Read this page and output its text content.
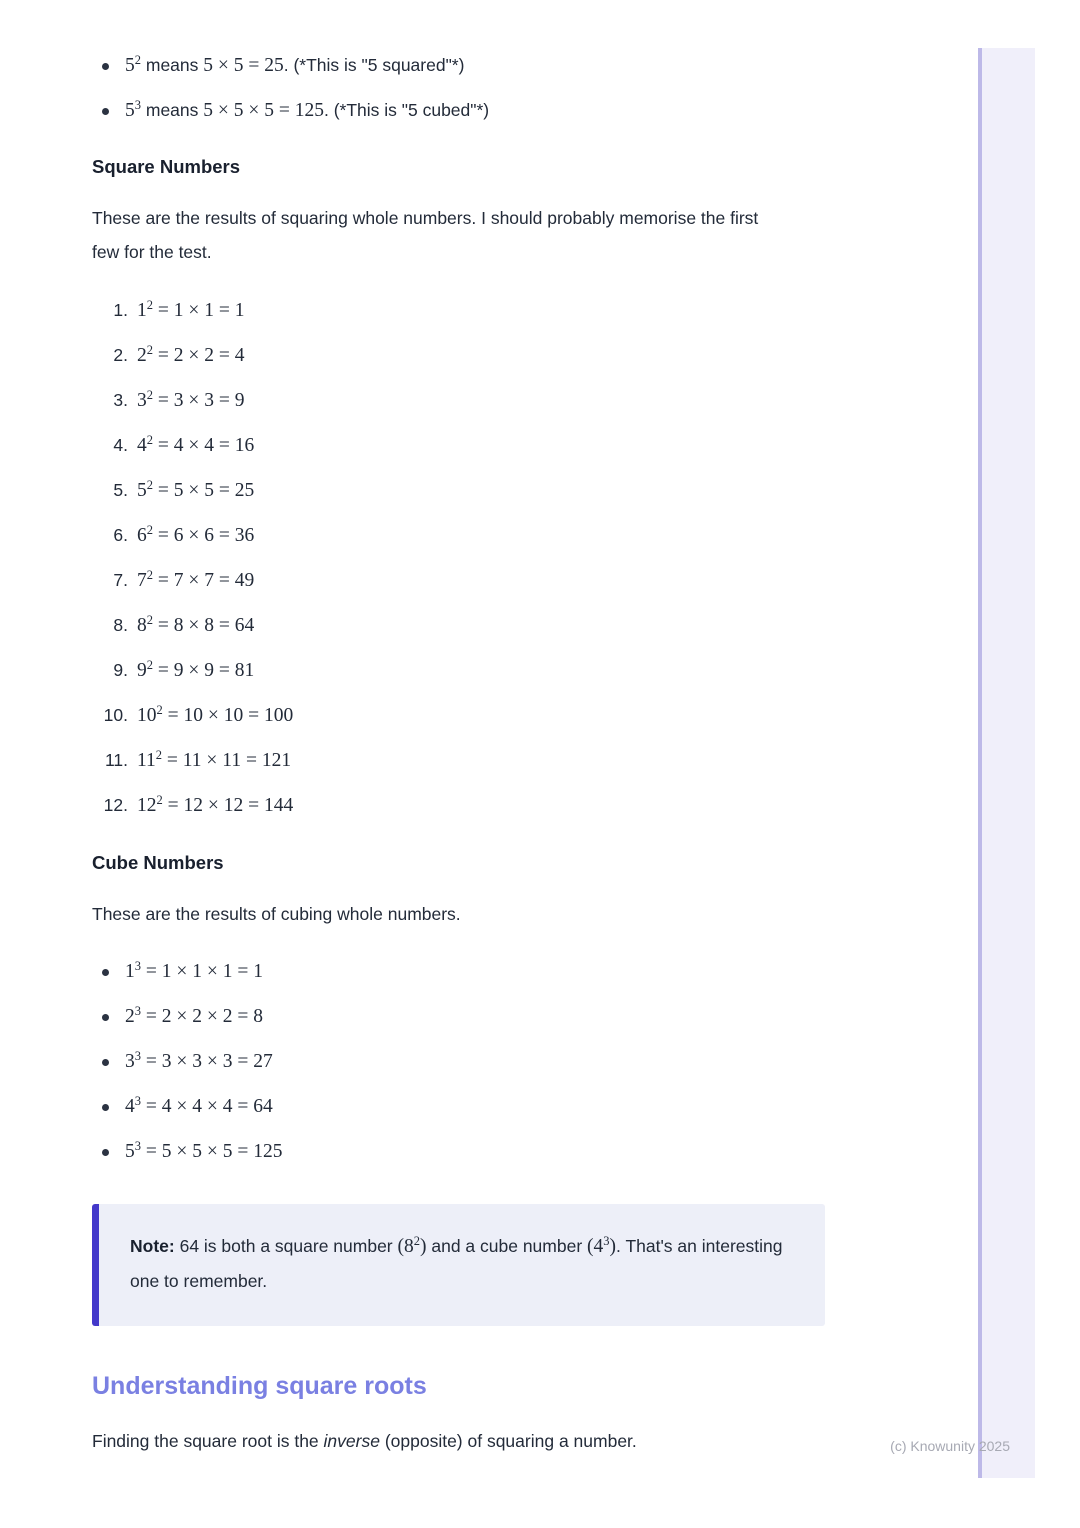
$5^2$ means 5 × 5 = 25. (*This is "5 squared"*)
$5^3$ means 5 × 5 × 5 = 125. (*This is "5 cubed"*)
Square Numbers

These are the results of squaring whole numbers. I should probably memorise the first few for the test.

1. $1^2 = 1 \times 1 = 1$
2. $2^2 = 2 \times 2 = 4$
3. $3^2 = 3 \times 3 = 9$
4. $4^2 = 4 \times 4 = 16$
5. $5^2 = 5 \times 5 = 25$
6. $6^2 = 6 \times 6 = 36$
7. $7^2 = 7 \times 7 = 49$
8. $8^2 = 8 \times 8 = 64$
9. $9^2 = 9 \times 9 = 81$
10. $10^2 = 10 \times 10 = 100$
11. $11^2 = 11 \times 11 = 121$
12. $12^2 = 12 \times 12 = 144$
Cube Numbers

These are the results of cubing whole numbers.

$1^3 = 1 \times 1 \times 1 = 1$
$2^3 = 2 \times 2 \times 2 = 8$
$3^3 = 3 \times 3 \times 3 = 27$
$4^3 = 4 \times 4 \times 4 = 64$
$5^3 = 5 \times 5 \times 5 = 125$
Note: 64 is both a square number $(8^2)$ and a cube number $(4^3)$. That's an interesting one to remember.
Understanding square roots

Finding the square root is the inverse (opposite) of squaring a number.	(c) Knowunity 2025
